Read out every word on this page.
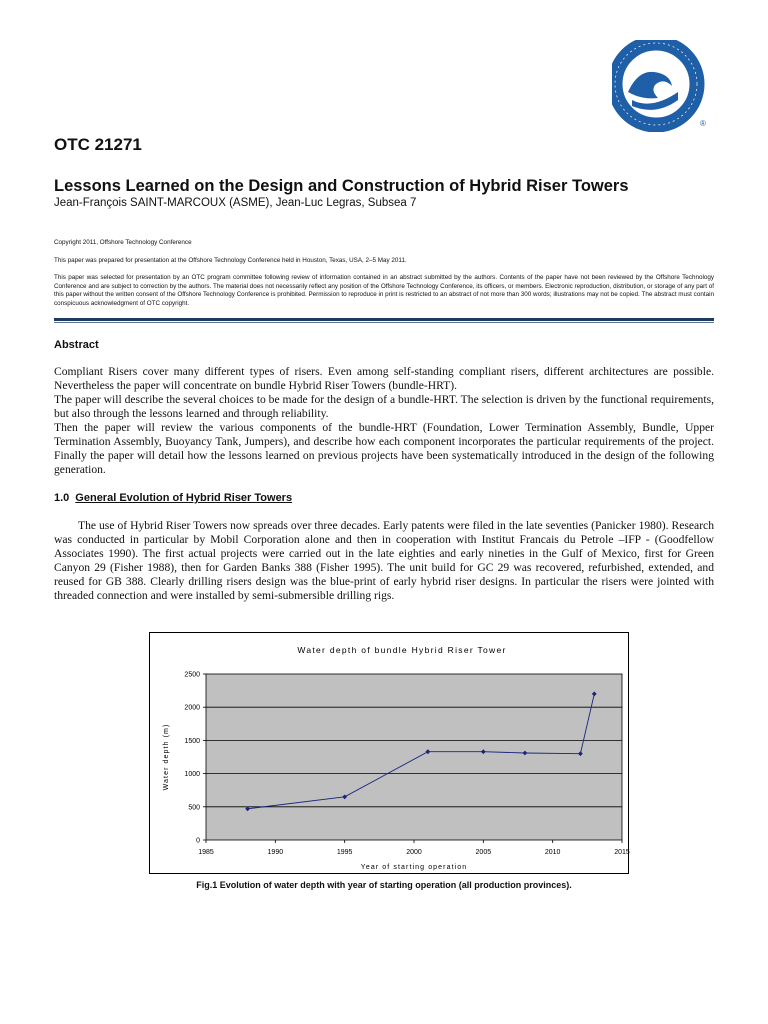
®
OTC 21271
Lessons Learned on the Design and Construction of Hybrid Riser Towers
Jean-François SAINT-MARCOUX (ASME), Jean-Luc Legras, Subsea 7
Copyright 2011, Offshore Technology Conference
This paper was prepared for presentation at the Offshore Technology Conference held in Houston, Texas, USA, 2–5 May 2011.
This paper was selected for presentation by an OTC program committee following review of information contained in an abstract submitted by the authors. Contents of the paper have not been reviewed by the Offshore Technology Conference and are subject to correction by the authors. The material does not necessarily reflect any position of the Offshore Technology Conference, its officers, or members. Electronic reproduction, distribution, or storage of any part of this paper without the written consent of the Offshore Technology Conference is prohibited. Permission to reproduce in print is restricted to an abstract of not more than 300 words; illustrations may not be copied. The abstract must contain conspicuous acknowledgment of OTC copyright.
Abstract

Compliant Risers cover many different types of risers. Even among self-standing compliant risers, different architectures are possible. Nevertheless the paper will concentrate on bundle Hybrid Riser Towers (bundle-HRT).

The paper will describe the several choices to be made for the design of a bundle-HRT. The selection is driven by the functional requirements, but also through the lessons learned and through reliability.

Then the paper will review the various components of the bundle-HRT (Foundation, Lower Termination Assembly, Bundle, Upper Termination Assembly, Buoyancy Tank, Jumpers), and describe how each component incorporates the particular requirements of the project. Finally the paper will detail how the lessons learned on previous projects have been systematically introduced in the design of the following generation.

1.0 General Evolution of Hybrid Riser Towers

The use of Hybrid Riser Towers now spreads over three decades. Early patents were filed in the late seventies (Panicker 1980). Research was conducted in particular by Mobil Corporation alone and then in cooperation with Institut Francais du Petrole –IFP - (Goodfellow Associates 1990). The first actual projects were carried out in the late eighties and early nineties in the Gulf of Mexico, first for Green Canyon 29 (Fisher 1988), then for Garden Banks 388 (Fisher 1995). The unit build for GC 29 was recovered, refurbished, extended, and reused for GB 388. Clearly drilling risers design was the blue-print of early hybrid riser designs. In particular the risers were jointed with threaded connection and were installed by semi-submersible drilling rigs.

0
500
1000
1500
2000
2500
1985	1990	1995	2000	2005	2010	2015
Water depth of bundle Hybrid Riser Tower
Year of starting operation
Water depth (m)
Fig.1 Evolution of water depth with year of starting operation (all production provinces).
